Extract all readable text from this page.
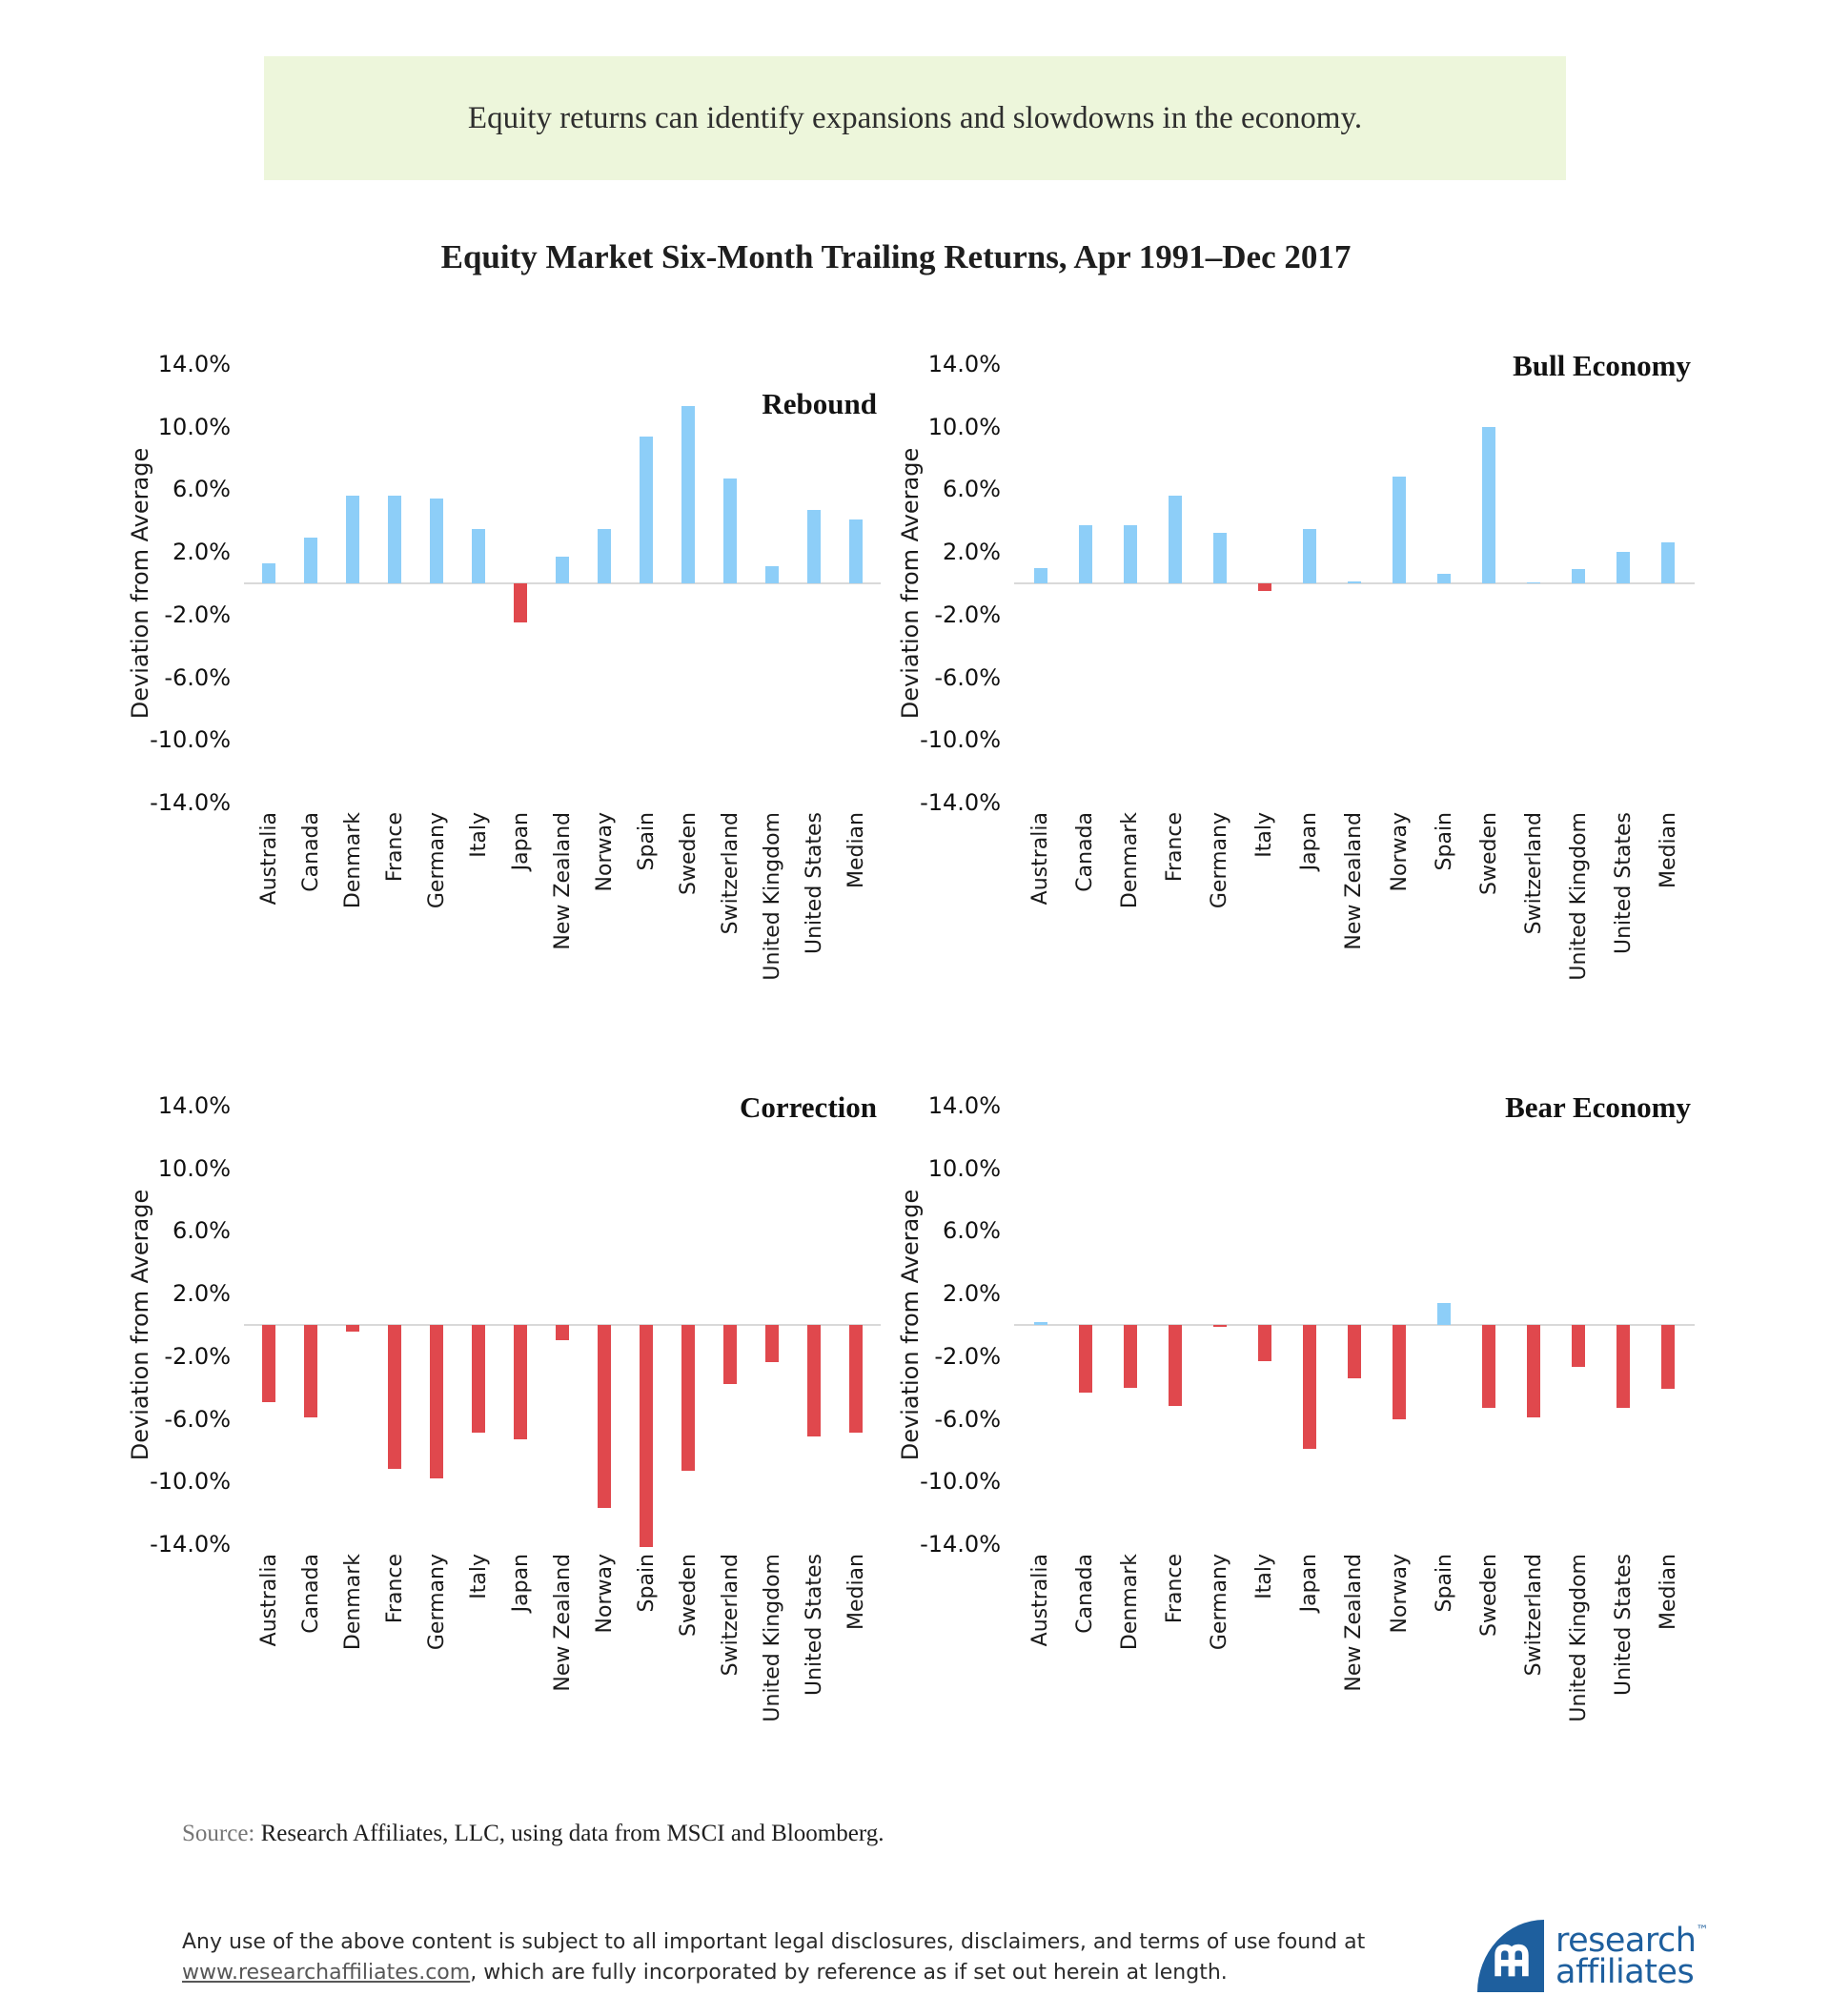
Equity returns can identify expansions and slowdowns in the economy.
Equity Market Six-Month Trailing Returns, Apr 1991–Dec 2017
Deviation from Average
14.0%
10.0%
6.0%
2.0%
-2.0%
-6.0%
-10.0%
-14.0%
Rebound
Australia Canada Denmark France Germany Italy Japan New Zealand Norway Spain Sweden Switzerland United Kingdom United States Median
Deviation from Average
14.0%
10.0%
6.0%
2.0%
-2.0%
-6.0%
-10.0%
-14.0%
Bull Economy
Australia Canada Denmark France Germany Italy Japan New Zealand Norway Spain Sweden Switzerland United Kingdom United States Median
Deviation from Average
14.0%
10.0%
6.0%
2.0%
-2.0%
-6.0%
-10.0%
-14.0%
Correction
Australia Canada Denmark France Germany Italy Japan New Zealand Norway Spain Sweden Switzerland United Kingdom United States Median
Deviation from Average
14.0%
10.0%
6.0%
2.0%
-2.0%
-6.0%
-10.0%
-14.0%
Bear Economy
Australia Canada Denmark France Germany Italy Japan New Zealand Norway Spain Sweden Switzerland United Kingdom United States Median
Source: Research Affiliates, LLC, using data from MSCI and Bloomberg.
Any use of the above content is subject to all important legal disclosures, disclaimers, and terms of use found at
www.researchaffiliates.com, which are fully incorporated by reference as if set out herein at length.
research™
affiliates
